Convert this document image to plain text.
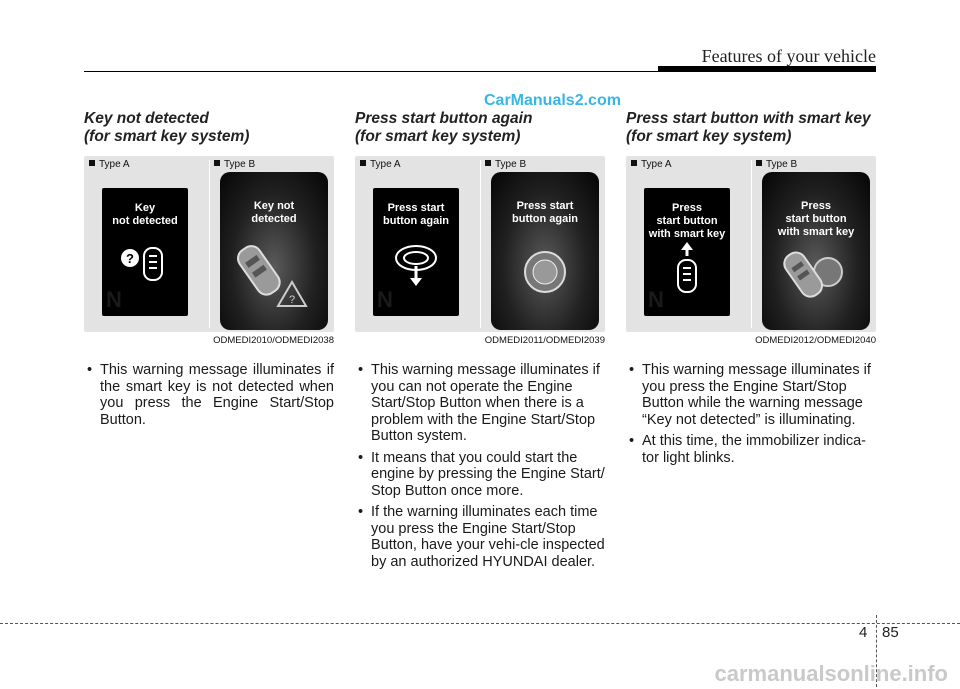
Features of your vehicle
CarManuals2.com
Key not detected
(for smart key system)
Type A	Type B
Key
not detected
?
N
Key not
detected
?
ODMEDI2010/ODMEDI2038
• This warning message illuminates if the smart key is not detected when you press the Engine Start/Stop Button.
Press start button again
(for smart key system)
Type A	Type B
Press start
button again
N
Press start
button again
ODMEDI2011/ODMEDI2039
• This warning message illuminates if you can not operate the Engine Start/Stop Button when there is a problem with the Engine Start/Stop Button system.
• It means that you could start the engine by pressing the Engine Start/ Stop Button once more.
• If the warning illuminates each time you press the Engine Start/Stop Button, have your vehi-cle inspected by an authorized HYUNDAI dealer.
Press start button with smart key
(for smart key system)
Type A	Type B
Press
start button
with smart key
N
Press
start button
with smart key
ODMEDI2012/ODMEDI2040
• This warning message illuminates if you press the Engine Start/Stop Button while the warning message “Key not detected” is illuminating.
• At this time, the immobilizer indica-tor light blinks.
4 85
carmanualsonline.info
